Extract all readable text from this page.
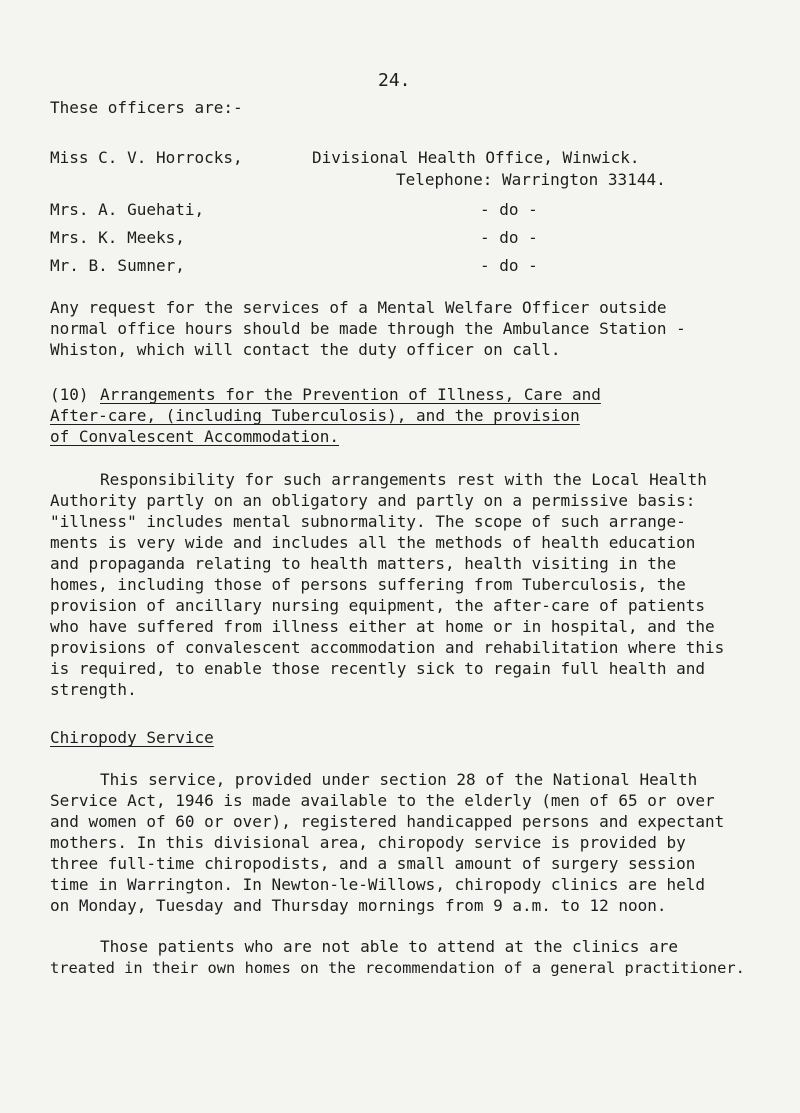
24.
These officers are:-
Miss C. V. Horrocks,	Divisional Health Office, Winwick.
Telephone: Warrington 33144.
Mrs. A. Guehati,	- do -
Mrs. K. Meeks,	- do -
Mr. B. Sumner,	- do -
Any request for the services of a Mental Welfare Officer outside
normal office hours should be made through the Ambulance Station -
Whiston, which will contact the duty officer on call.
(10) Arrangements for the Prevention of Illness, Care and
After-care, (including Tuberculosis), and the provision
of Convalescent Accommodation.
Responsibility for such arrangements rest with the Local Health
Authority partly on an obligatory and partly on a permissive basis:
"illness" includes mental subnormality. The scope of such arrange-
ments is very wide and includes all the methods of health education
and propaganda relating to health matters, health visiting in the
homes, including those of persons suffering from Tuberculosis, the
provision of ancillary nursing equipment, the after-care of patients
who have suffered from illness either at home or in hospital, and the
provisions of convalescent accommodation and rehabilitation where this
is required, to enable those recently sick to regain full health and
strength.
Chiropody Service
This service, provided under section 28 of the National Health
Service Act, 1946 is made available to the elderly (men of 65 or over
and women of 60 or over), registered handicapped persons and expectant
mothers. In this divisional area, chiropody service is provided by
three full-time chiropodists, and a small amount of surgery session
time in Warrington. In Newton-le-Willows, chiropody clinics are held
on Monday, Tuesday and Thursday mornings from 9 a.m. to 12 noon.
Those patients who are not able to attend at the clinics are
treated in their own homes on the recommendation of a general practitioner.
